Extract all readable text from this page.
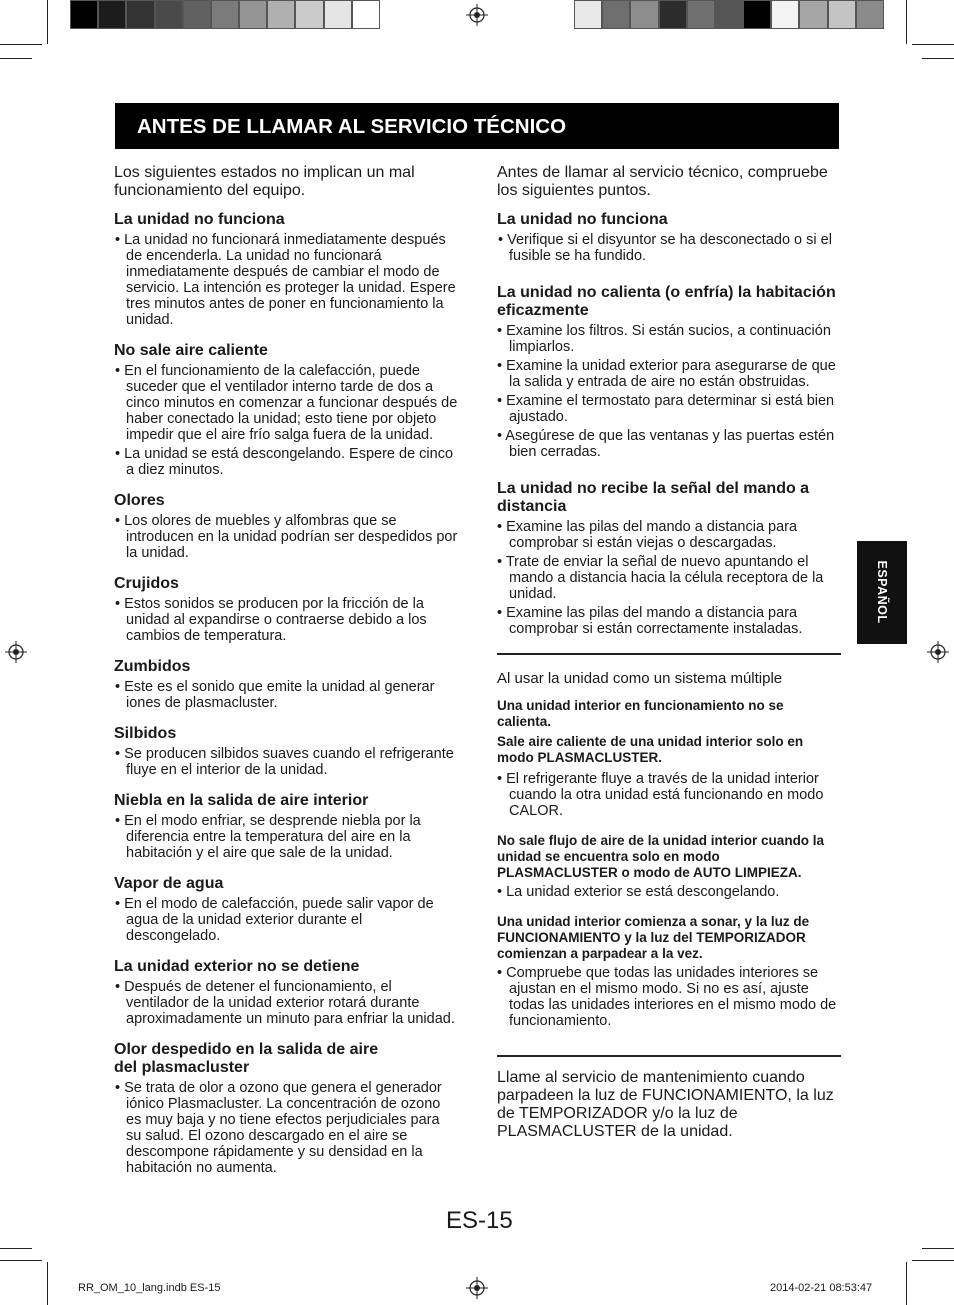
ANTES DE LLAMAR AL SERVICIO TÉCNICO
Los siguientes estados no implican un mal funcionamiento del equipo.
La unidad no funciona
• La unidad no funcionará inmediatamente después de encenderla. La unidad no funcionará inmediatamente después de cambiar el modo de servicio. La intención es proteger la unidad. Espere tres minutos antes de poner en funcionamiento la unidad.
No sale aire caliente
• En el funcionamiento de la calefacción, puede suceder que el ventilador interno tarde de dos a cinco minutos en comenzar a funcionar después de haber conectado la unidad; esto tiene por objeto impedir que el aire frío salga fuera de la unidad.
• La unidad se está descongelando. Espere de cinco a diez minutos.
Olores
• Los olores de muebles y alfombras que se introducen en la unidad podrían ser despedidos por la unidad.
Crujidos
• Estos sonidos se producen por la fricción de la unidad al expandirse o contraerse debido a los cambios de temperatura.
Zumbidos
• Este es el sonido que emite la unidad al generar iones de plasmacluster.
Silbidos
• Se producen silbidos suaves cuando el refrigerante fluye en el interior de la unidad.
Niebla en la salida de aire interior
• En el modo enfriar, se desprende niebla por la diferencia entre la temperatura del aire en la habitación y el aire que sale de la unidad.
Vapor de agua
• En el modo de calefacción, puede salir vapor de agua de la unidad exterior durante el descongelado.
La unidad exterior no se detiene
• Después de detener el funcionamiento, el ventilador de la unidad exterior rotará durante aproximadamente un minuto para enfriar la unidad.
Olor despedido en la salida de aire del plasmacluster
• Se trata de olor a ozono que genera el generador iónico Plasmacluster. La concentración de ozono es muy baja y no tiene efectos perjudiciales para su salud. El ozono descargado en el aire se descompone rápidamente y su densidad en la habitación no aumenta.
Antes de llamar al servicio técnico, compruebe los siguientes puntos.
La unidad no funciona
• Verifique si el disyuntor se ha desconectado o si el fusible se ha fundido.
La unidad no calienta (o enfría) la habitación eficazmente
• Examine los filtros. Si están sucios, a continuación limpiarlos.
• Examine la unidad exterior para asegurarse de que la salida y entrada de aire no están obstruidas.
• Examine el termostato para determinar si está bien ajustado.
• Asegúrese de que las ventanas y las puertas estén bien cerradas.
La unidad no recibe la señal del mando a distancia
• Examine las pilas del mando a distancia para comprobar si están viejas o descargadas.
• Trate de enviar la señal de nuevo apuntando el mando a distancia hacia la célula receptora de la unidad.
• Examine las pilas del mando a distancia para comprobar si están correctamente instaladas.
Al usar la unidad como un sistema múltiple
Una unidad interior en funcionamiento no se calienta.
Sale aire caliente de una unidad interior solo en modo PLASMACLUSTER.
• El refrigerante fluye a través de la unidad interior cuando la otra unidad está funcionando en modo CALOR.
No sale flujo de aire de la unidad interior cuando la unidad se encuentra solo en modo PLASMACLUSTER o modo de AUTO LIMPIEZA.
• La unidad exterior se está descongelando.
Una unidad interior comienza a sonar, y la luz de FUNCIONAMIENTO y la luz del TEMPORIZADOR comienzan a parpadear a la vez.
• Compruebe que todas las unidades interiores se ajustan en el mismo modo. Si no es así, ajuste todas las unidades interiores en el mismo modo de funcionamiento.
Llame al servicio de mantenimiento cuando parpadeen la luz de FUNCIONAMIENTO, la luz de TEMPORIZADOR y/o la luz de PLASMACLUSTER de la unidad.
ESPAÑOL
ES-15
RR_OM_10_lang.indb ES-15	2014-02-21 08:53:47
